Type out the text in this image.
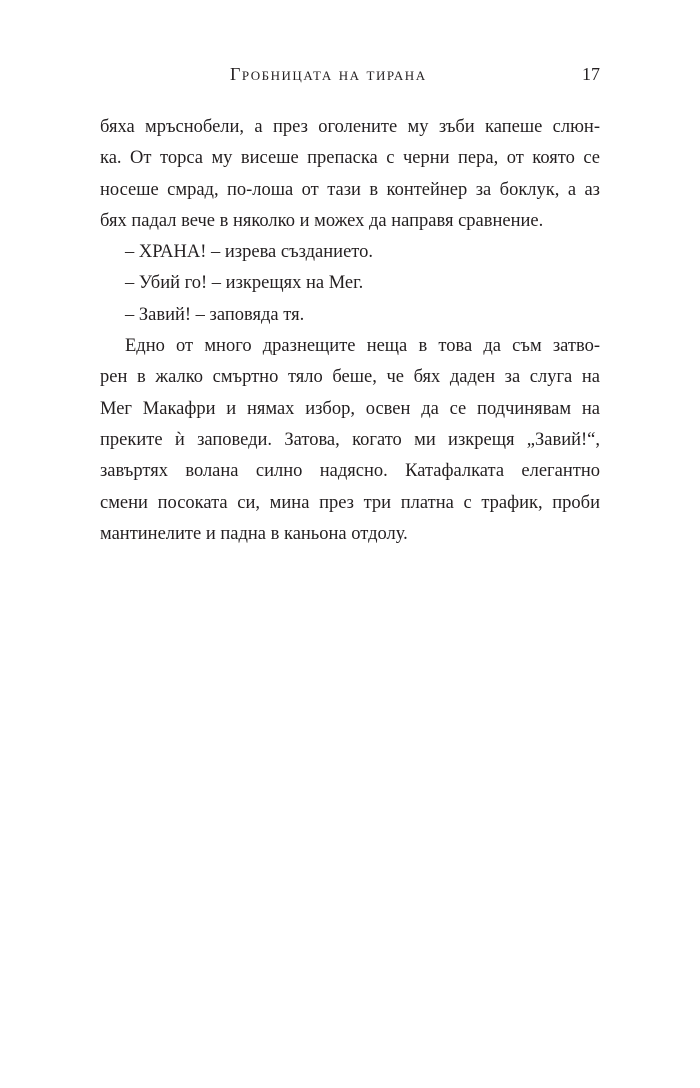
Гробницата на тирана	17
бяха мръснобели, а през оголените му зъби капеше слюн-
ка. От торса му висеше препаска с черни пера, от която се
носеше смрад, по-лоша от тази в контейнер за боклук, а аз
бях падал вече в няколко и можех да направя сравнение.
– ХРАНА! – изрева създанието.
– Убий го! – изкрещях на Мег.
– Завий! – заповядa тя.
Едно от много дразнещите неща в това да съм затво-
рен в жалко смъртно тяло беше, че бях даден за слуга на
Мег Макафри и нямах избор, освен да се подчинявам на
преките ѝ заповеди. Затова, когато ми изкрещя „Завий!“,
завъртях волана силно надясно. Катафалката елегантно
смени посоката си, мина през три платна с трафик, проби
мантинелите и падна в каньона отдолу.
